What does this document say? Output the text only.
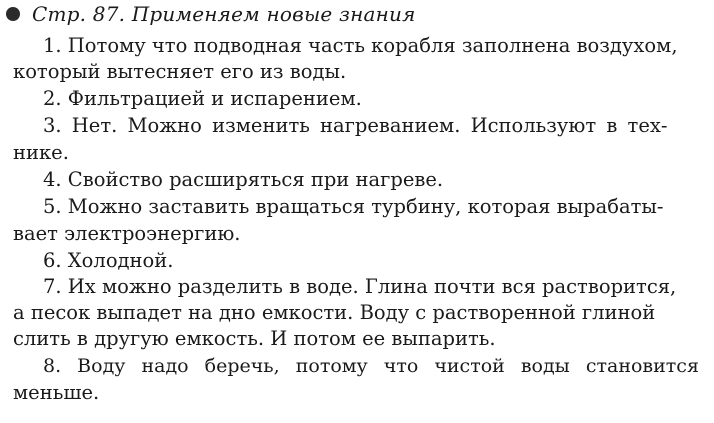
Стр. 87. Применяем новые знания
1. Потому что подводная часть корабля заполнена воздухом,
который вытесняет его из воды.
2. Фильтрацией и испарением.
3. Нет. Можно изменить нагреванием. Используют в тех-
нике.
4. Свойство расширяться при нагреве.
5. Можно заставить вращаться турбину, которая вырабаты-
вает электроэнергию.
6. Холодной.
7. Их можно разделить в воде. Глина почти вся растворится,
а песок выпадет на дно емкости. Воду с растворенной глиной
слить в другую емкость. И потом ее выпарить.
8. Воду надо беречь, потому что чистой воды становится
меньше.
